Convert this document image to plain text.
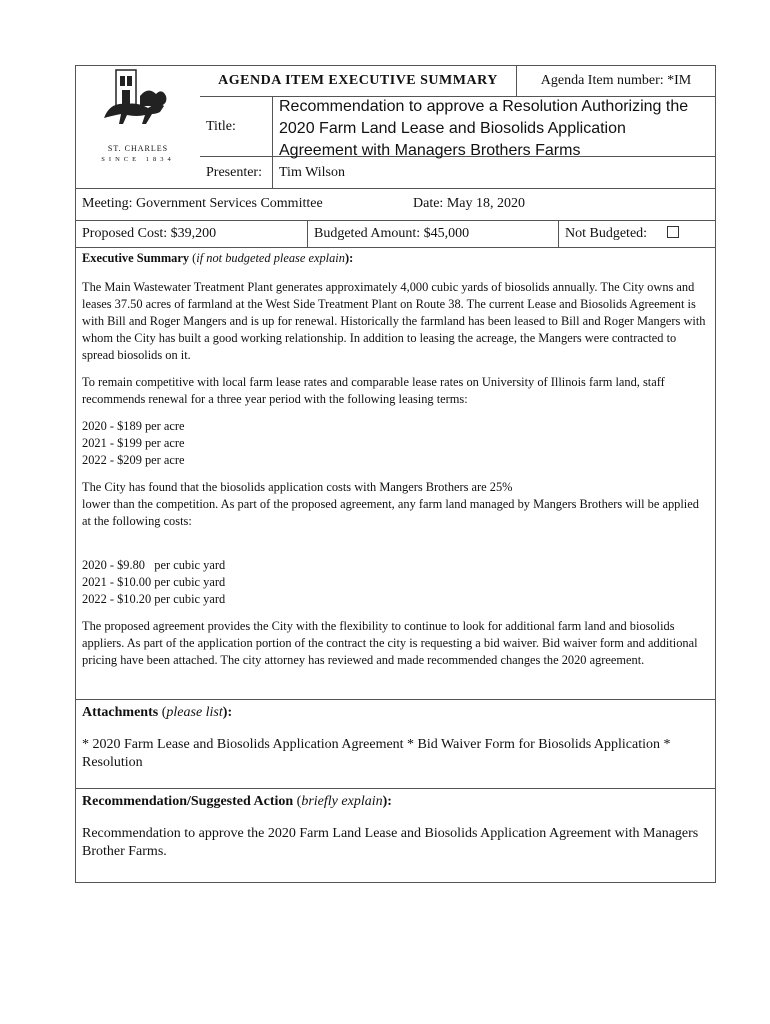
ST. CHARLES
SINCE 1834
AGENDA ITEM EXECUTIVE SUMMARY	Agenda Item number: *IM
Title:
Recommendation to approve a Resolution Authorizing the
2020 Farm Land Lease and Biosolids Application
Agreement with Managers Brothers Farms
Presenter:	Tim Wilson
Meeting: Government Services Committee	Date: May 18, 2020
Proposed Cost: $39,200	Budgeted Amount: $45,000	Not Budgeted:

Executive Summary (if not budgeted please explain):

The Main Wastewater Treatment Plant generates approximately 4,000 cubic yards of biosolids annually. The City owns and leases 37.50 acres of farmland at the West Side Treatment Plant on Route 38. The current Lease and Biosolids Agreement is with Bill and Roger Mangers and is up for renewal. Historically the farmland has been leased to Bill and Roger Mangers with whom the City has built a good working relationship. In addition to leasing the acreage, the Mangers were contracted to spread biosolids on it.

To remain competitive with local farm lease rates and comparable lease rates on University of Illinois farm land, staff recommends renewal for a three year period with the following leasing terms:

2020 - $189 per acre
2021 - $199 per acre
2022 - $209 per acre

The City has found that the biosolids application costs with Mangers Brothers are 25%
lower than the competition. As part of the proposed agreement, any farm land managed by Mangers Brothers will be applied at the following costs:

2020 - $9.80   per cubic yard
2021 - $10.00 per cubic yard
2022 - $10.20 per cubic yard

The proposed agreement provides the City with the flexibility to continue to look for additional farm land and biosolids appliers. As part of the application portion of the contract the city is requesting a bid waiver. Bid waiver form and additional pricing have been attached. The city attorney has reviewed and made recommended changes the 2020 agreement.

Attachments (please list):

* 2020 Farm Lease and Biosolids Application Agreement * Bid Waiver Form for Biosolids Application * Resolution

Recommendation/Suggested Action (briefly explain):

Recommendation to approve the 2020 Farm Land Lease and Biosolids Application Agreement with Managers Brother Farms.
